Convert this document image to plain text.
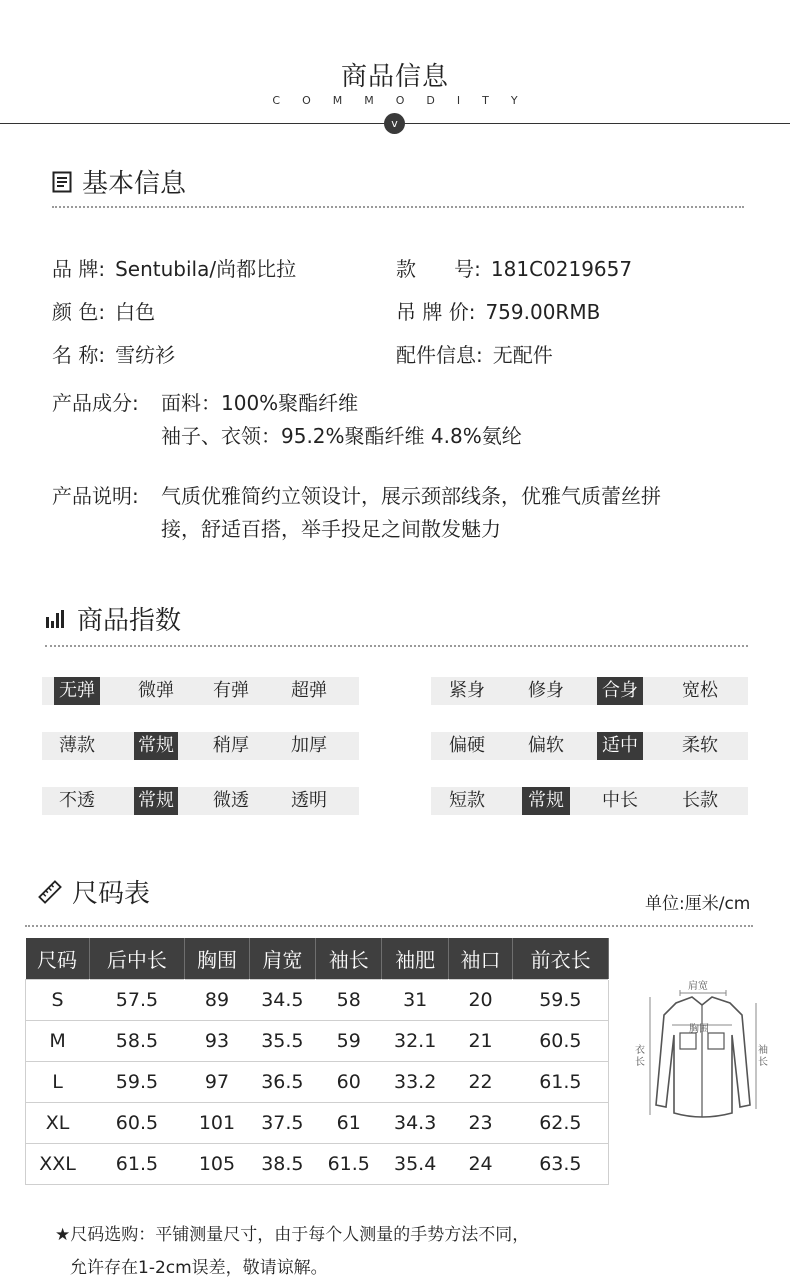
商品信息
COMMODITY
v
基本信息
品 牌: Sentubila/尚都比拉	款      号: 181C0219657
颜 色: 白色	吊 牌 价: 759.00RMB
名 称: 雪纺衫	配件信息: 无配件
产品成分: 面料：100%聚酯纤维
袖子、衣领：95.2%聚酯纤维 4.8%氨纶
产品说明: 气质优雅简约立领设计，展示颈部线条，优雅气质蕾丝拼
接，舒适百搭，举手投足之间散发魅力
商品指数
无弹 微弹 有弹 超弹	紧身	修身	合身 宽松
薄款 常规 稍厚 加厚	偏硬	偏软	适中 柔软
不透 常规 微透 透明	短款	常规	中长 长款
尺码表	单位:厘米/cm
尺码	后中长	胸围	肩宽	袖长	袖肥	袖口	前衣长
S	57.5	89	34.5	58	31	20	59.5
M	58.5	93	35.5	59	32.1	21	60.5
L	59.5	97	36.5	60	33.2	22	61.5
XL	60.5	101	37.5	61	34.3	23	62.5
XXL	61.5	105	38.5	61.5	35.4	24	63.5
肩宽
胸围
衣长
袖长
★尺码选购：平铺测量尺寸，由于每个人测量的手势方法不同，
允许存在1-2cm误差，敬请谅解。
